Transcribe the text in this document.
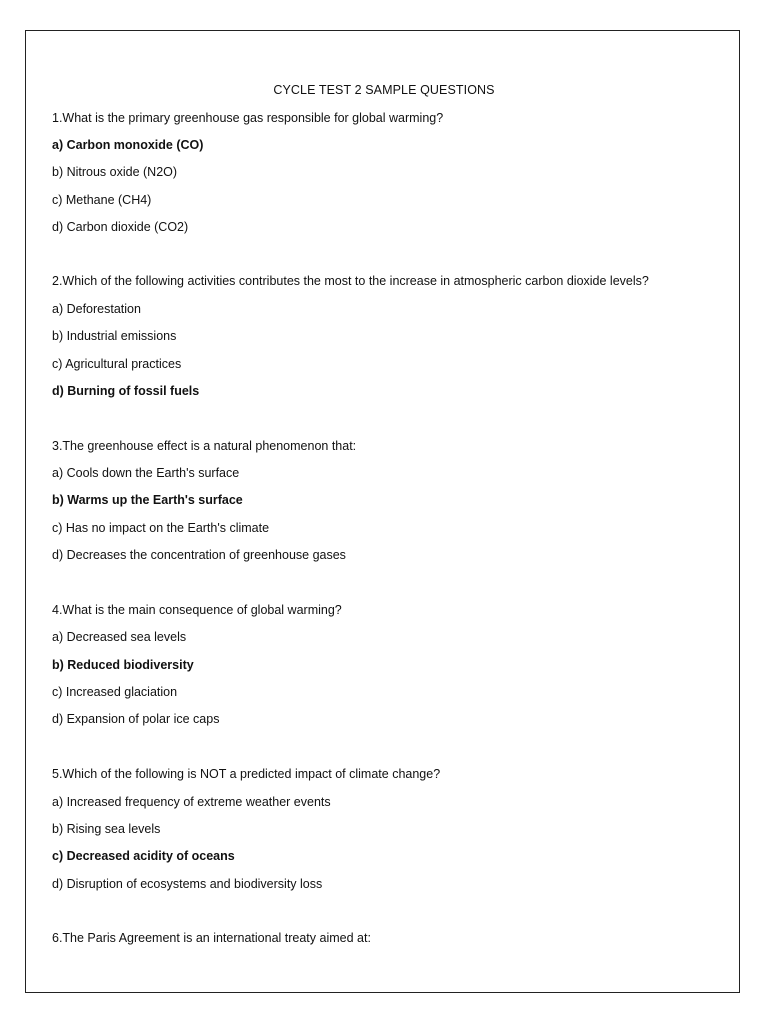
CYCLE TEST 2 SAMPLE QUESTIONS
1.What is the primary greenhouse gas responsible for global warming?
a) Carbon monoxide (CO)
b) Nitrous oxide (N2O)
c) Methane (CH4)
d) Carbon dioxide (CO2)
2.Which of the following activities contributes the most to the increase in atmospheric carbon dioxide levels?
a) Deforestation
b) Industrial emissions
c) Agricultural practices
d) Burning of fossil fuels
3.The greenhouse effect is a natural phenomenon that:
a) Cools down the Earth's surface
b) Warms up the Earth's surface
c) Has no impact on the Earth's climate
d) Decreases the concentration of greenhouse gases
4.What is the main consequence of global warming?
a) Decreased sea levels
b) Reduced biodiversity
c) Increased glaciation
d) Expansion of polar ice caps
5.Which of the following is NOT a predicted impact of climate change?
a) Increased frequency of extreme weather events
b) Rising sea levels
c) Decreased acidity of oceans
d) Disruption of ecosystems and biodiversity loss
6.The Paris Agreement is an international treaty aimed at:
